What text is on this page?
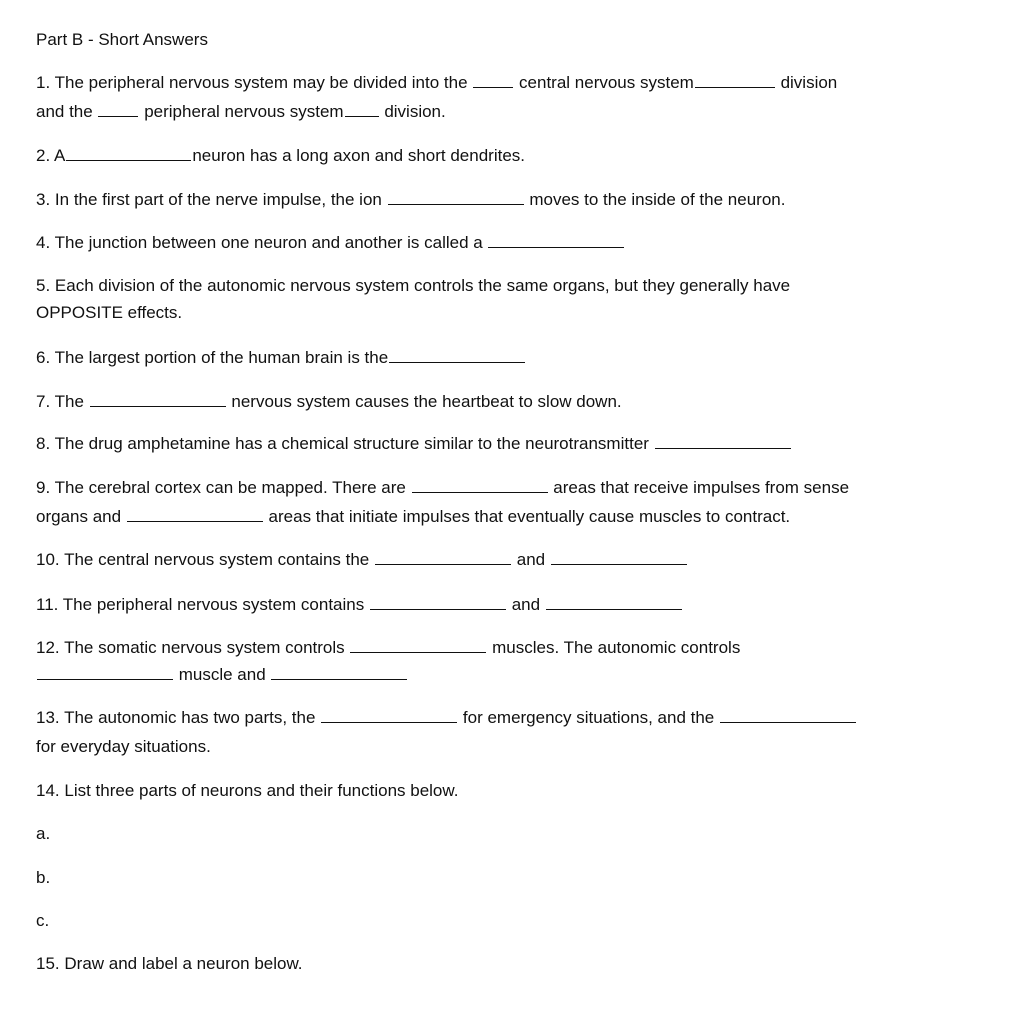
Part B - Short Answers

1. The peripheral nervous system may be divided into the	central nervous system	division

and the	peripheral nervous system division.

2. A	neuron has a long axon and short dendrites.

3. In the first part of the nerve impulse, the ion	moves to the inside of the neuron.

4. The junction between one neuron and another is called a

5. Each division of the autonomic nervous system controls the same organs, but they generally have

OPPOSITE effects.

6. The largest portion of the human brain is the

7. The	nervous system causes the heartbeat to slow down.

8. The drug amphetamine has a chemical structure similar to the neurotransmitter

9. The cerebral cortex can be mapped. There are	areas that receive impulses from sense

organs and	areas that initiate impulses that eventually cause muscles to contract.

10. The central nervous system contains the	and

11. The peripheral nervous system contains	and

12. The somatic nervous system controls	muscles. The autonomic controls

muscle and

13. The autonomic has two parts, the	for emergency situations, and the

for everyday situations.

14. List three parts of neurons and their functions below.

a.

b.

c.

15. Draw and label a neuron below.
